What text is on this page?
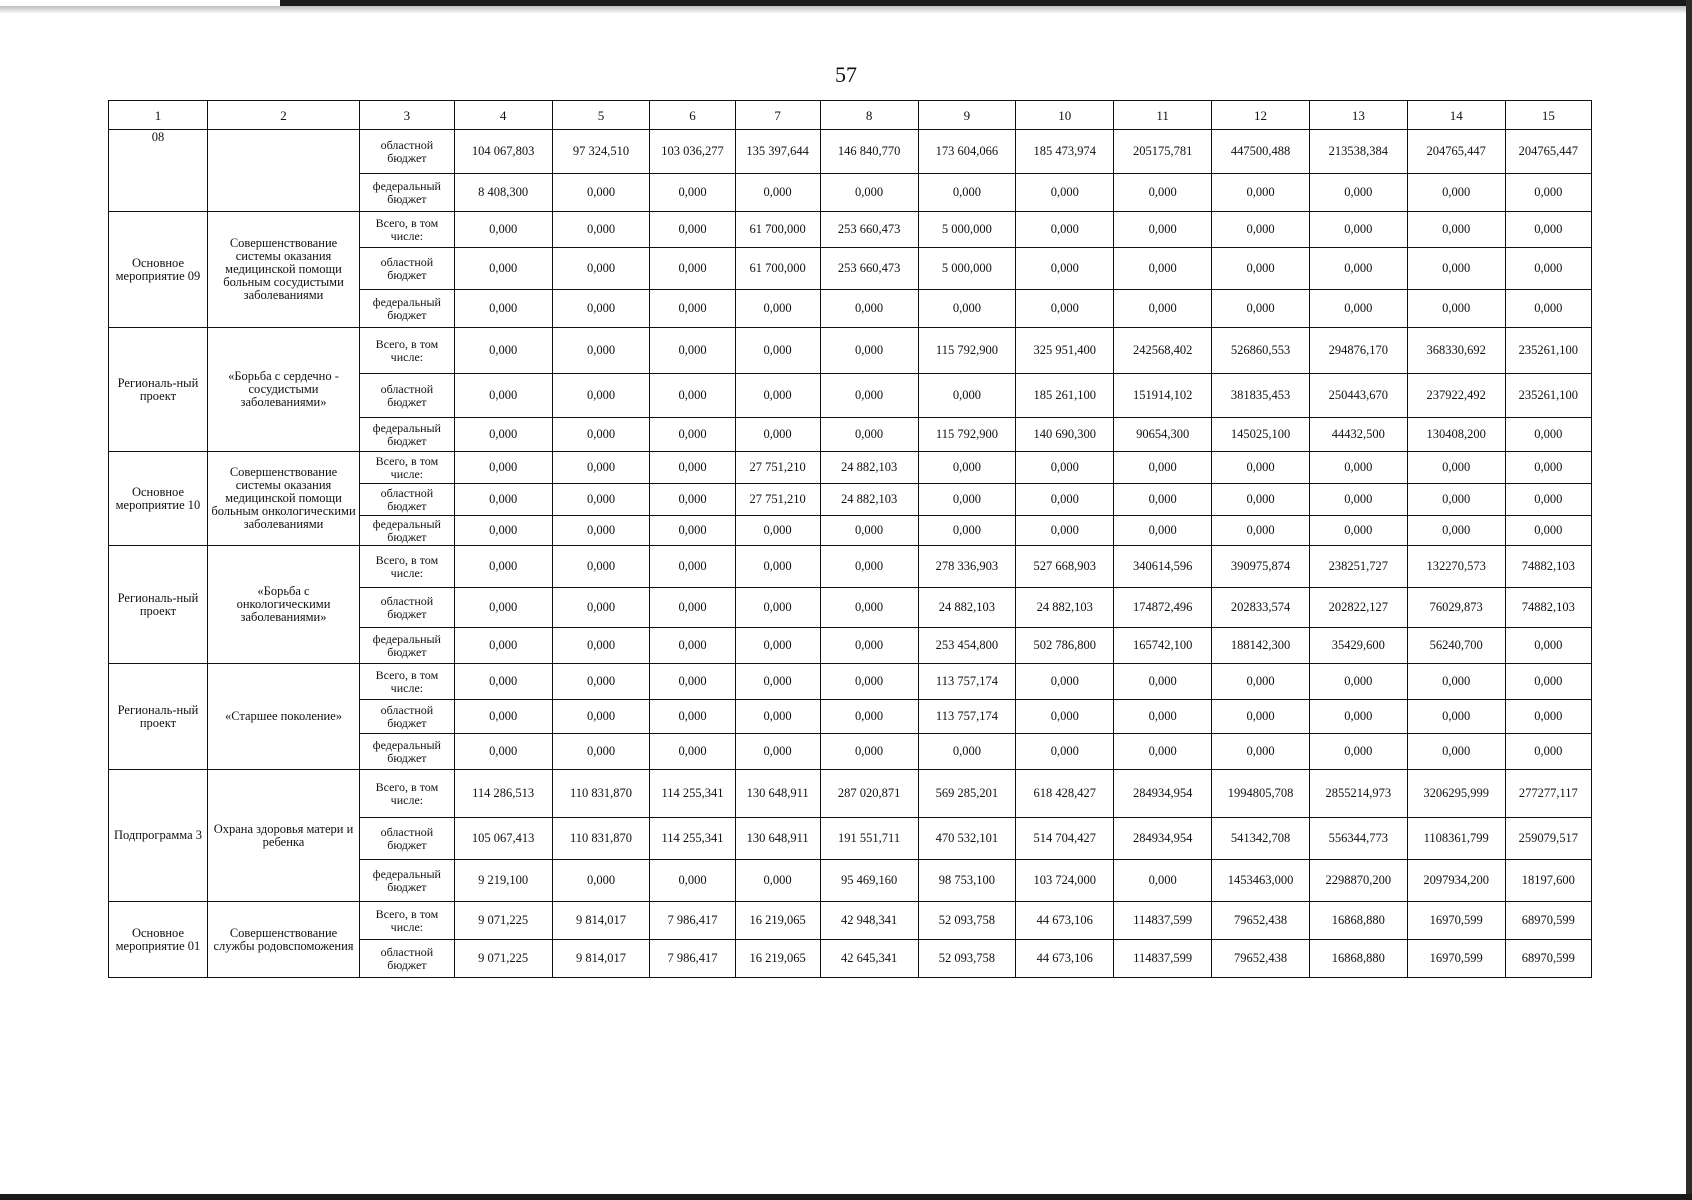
57
1	2	3	4	5	6	7	8	9	10	11	12	13	14	15
08		областной бюджет	104 067,803	97 324,510	103 036,277	135 397,644	146 840,770	173 604,066	185 473,974	205175,781	447500,488	213538,384	204765,447	204765,447
		федеральный бюджет	8 408,300	0,000	0,000	0,000	0,000	0,000	0,000	0,000	0,000	0,000	0,000	0,000
Основное мероприятие 09	Совершенствование системы оказания медицинской помощи больным сосудистыми заболеваниями	Всего, в том числе:	0,000	0,000	0,000	61 700,000	253 660,473	5 000,000	0,000	0,000	0,000	0,000	0,000	0,000
		областной бюджет	0,000	0,000	0,000	61 700,000	253 660,473	5 000,000	0,000	0,000	0,000	0,000	0,000	0,000
		федеральный бюджет	0,000	0,000	0,000	0,000	0,000	0,000	0,000	0,000	0,000	0,000	0,000	0,000
Региональ-ный проект	«Борьба с сердечно - сосудистыми заболеваниями»	Всего, в том числе:	0,000	0,000	0,000	0,000	0,000	115 792,900	325 951,400	242568,402	526860,553	294876,170	368330,692	235261,100
		областной бюджет	0,000	0,000	0,000	0,000	0,000	0,000	185 261,100	151914,102	381835,453	250443,670	237922,492	235261,100
		федеральный бюджет	0,000	0,000	0,000	0,000	0,000	115 792,900	140 690,300	90654,300	145025,100	44432,500	130408,200	0,000
Основное мероприятие 10	Совершенствование системы оказания медицинской помощи больным онкологическими заболеваниями	Всего, в том числе:	0,000	0,000	0,000	27 751,210	24 882,103	0,000	0,000	0,000	0,000	0,000	0,000	0,000
		областной бюджет	0,000	0,000	0,000	27 751,210	24 882,103	0,000	0,000	0,000	0,000	0,000	0,000	0,000
		федеральный бюджет	0,000	0,000	0,000	0,000	0,000	0,000	0,000	0,000	0,000	0,000	0,000	0,000
Региональ-ный проект	«Борьба с онкологическими заболеваниями»	Всего, в том числе:	0,000	0,000	0,000	0,000	0,000	278 336,903	527 668,903	340614,596	390975,874	238251,727	132270,573	74882,103
		областной бюджет	0,000	0,000	0,000	0,000	0,000	24 882,103	24 882,103	174872,496	202833,574	202822,127	76029,873	74882,103
		федеральный бюджет	0,000	0,000	0,000	0,000	0,000	253 454,800	502 786,800	165742,100	188142,300	35429,600	56240,700	0,000
Региональ-ный проект	«Старшее поколение»	Всего, в том числе:	0,000	0,000	0,000	0,000	0,000	113 757,174	0,000	0,000	0,000	0,000	0,000	0,000
		областной бюджет	0,000	0,000	0,000	0,000	0,000	113 757,174	0,000	0,000	0,000	0,000	0,000	0,000
		федеральный бюджет	0,000	0,000	0,000	0,000	0,000	0,000	0,000	0,000	0,000	0,000	0,000	0,000
Подпрограмма 3	Охрана здоровья матери и ребенка	Всего, в том числе:	114 286,513	110 831,870	114 255,341	130 648,911	287 020,871	569 285,201	618 428,427	284934,954	1994805,708	2855214,973	3206295,999	277277,117
		областной бюджет	105 067,413	110 831,870	114 255,341	130 648,911	191 551,711	470 532,101	514 704,427	284934,954	541342,708	556344,773	1108361,799	259079,517
		федеральный бюджет	9 219,100	0,000	0,000	0,000	95 469,160	98 753,100	103 724,000	0,000	1453463,000	2298870,200	2097934,200	18197,600
Основное мероприятие 01	Совершенствование службы родовспоможения	Всего, в том числе:	9 071,225	9 814,017	7 986,417	16 219,065	42 948,341	52 093,758	44 673,106	114837,599	79652,438	16868,880	16970,599	68970,599
		областной бюджет	9 071,225	9 814,017	7 986,417	16 219,065	42 645,341	52 093,758	44 673,106	114837,599	79652,438	16868,880	16970,599	68970,599
